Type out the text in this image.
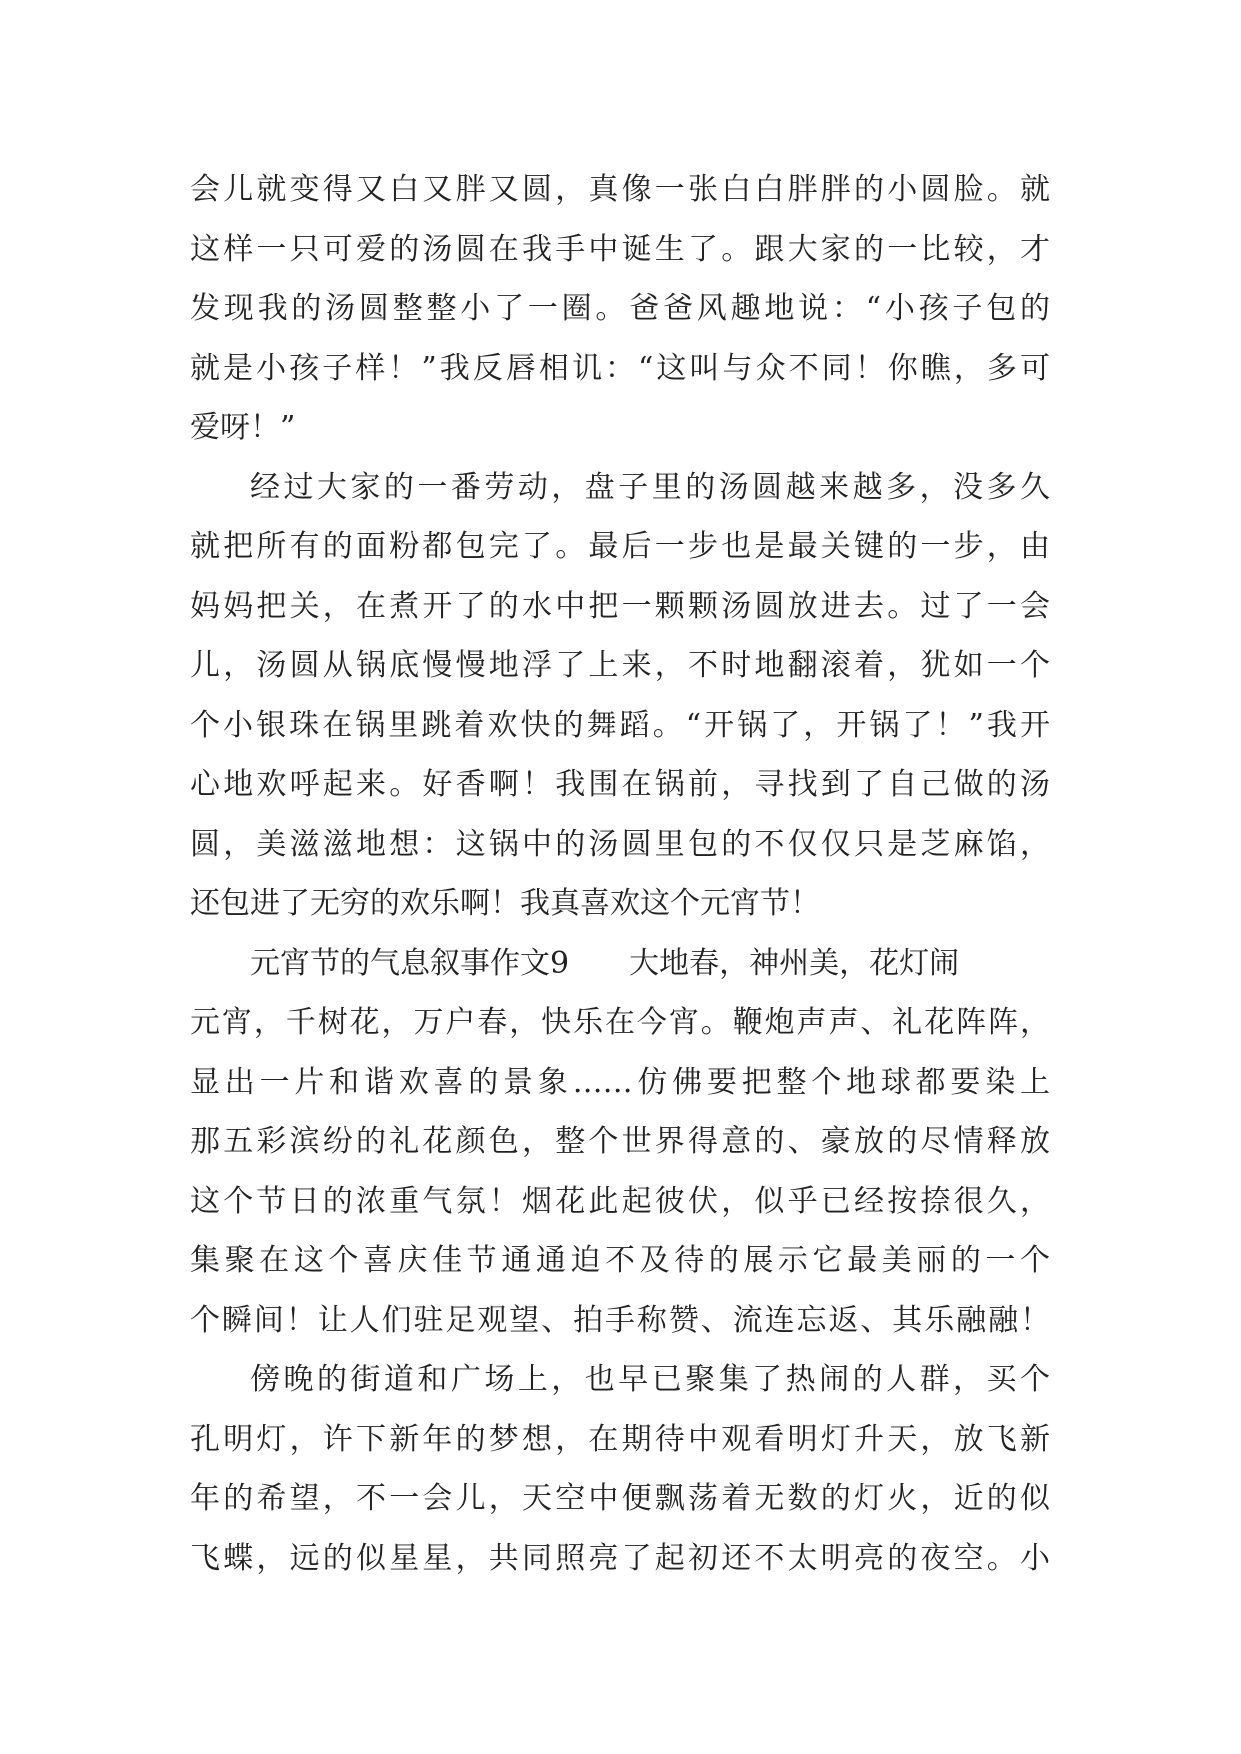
会儿就变得又白又胖又圆，真像一张白白胖胖的小圆脸。就
这样一只可爱的汤圆在我手中诞生了。跟大家的一比较，才
发现我的汤圆整整小了一圈。爸爸风趣地说：“小孩子包的
就是小孩子样！”我反唇相讥：“这叫与众不同！你瞧，多可
爱呀！”
经过大家的一番劳动，盘子里的汤圆越来越多，没多久
就把所有的面粉都包完了。最后一步也是最关键的一步，由
妈妈把关，在煮开了的水中把一颗颗汤圆放进去。过了一会
儿，汤圆从锅底慢慢地浮了上来，不时地翻滚着，犹如一个
个小银珠在锅里跳着欢快的舞蹈。“开锅了，开锅了！”我开
心地欢呼起来。好香啊！我围在锅前，寻找到了自己做的汤
圆，美滋滋地想：这锅中的汤圆里包的不仅仅只是芝麻馅，
还包进了无穷的欢乐啊！我真喜欢这个元宵节！
元宵节的气息叙事作文9 大地春，神州美，花灯闹
元宵，千树花，万户春，快乐在今宵。鞭炮声声、礼花阵阵，
显出一片和谐欢喜的景象……仿佛要把整个地球都要染上
那五彩滨纷的礼花颜色，整个世界得意的、豪放的尽情释放
这个节日的浓重气氛！烟花此起彼伏，似乎已经按捺很久，
集聚在这个喜庆佳节通通迫不及待的展示它最美丽的一个
个瞬间！让人们驻足观望、拍手称赞、流连忘返、其乐融融！
傍晚的街道和广场上，也早已聚集了热闹的人群，买个
孔明灯，许下新年的梦想，在期待中观看明灯升天，放飞新
年的希望，不一会儿，天空中便飘荡着无数的灯火，近的似
飞蝶，远的似星星，共同照亮了起初还不太明亮的夜空。小
